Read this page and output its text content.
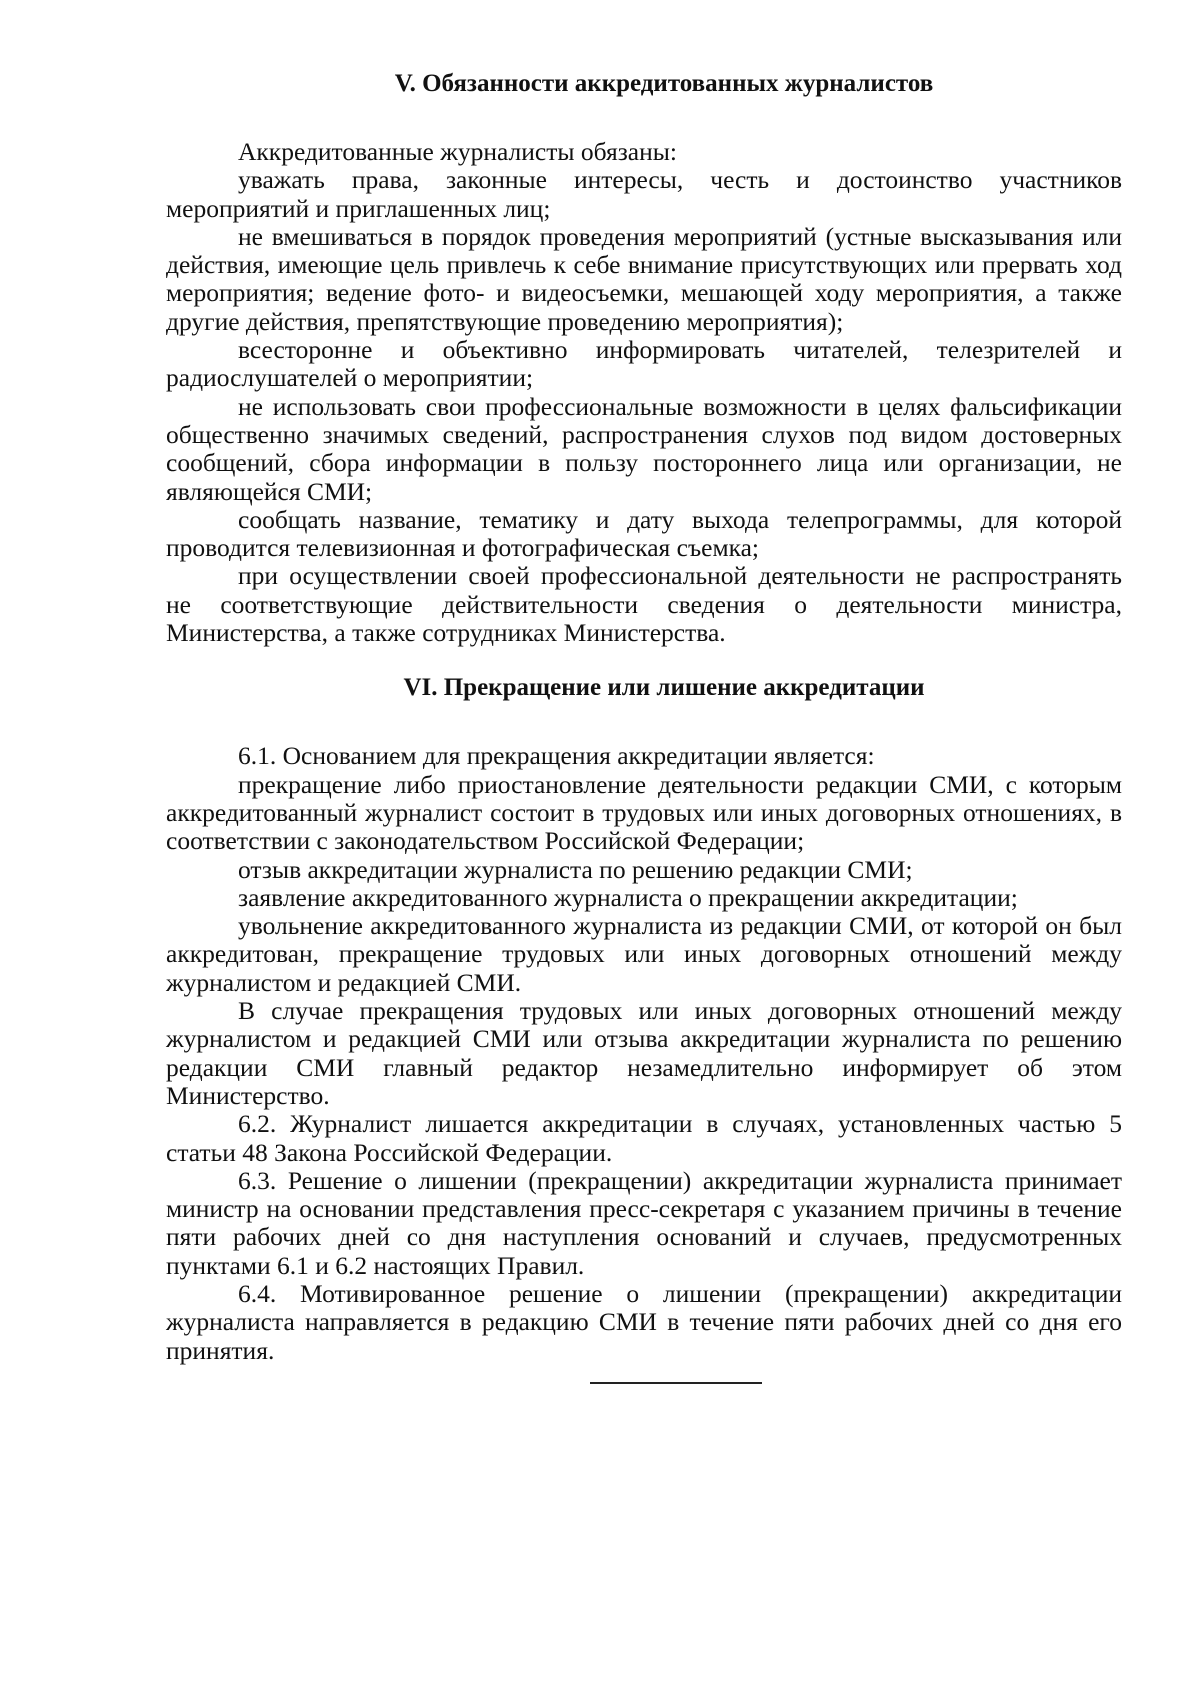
V. Обязанности аккредитованных журналистов

Аккредитованные журналисты обязаны:

уважать права, законные интересы, честь и достоинство участников мероприятий и приглашенных лиц;

не вмешиваться в порядок проведения мероприятий (устные высказывания или действия, имеющие цель привлечь к себе внимание присутствующих или прервать ход мероприятия; ведение фото- и видеосъемки, мешающей ходу мероприятия, а также другие действия, препятствующие проведению мероприятия);

всесторонне и объективно информировать читателей, телезрителей и радиослушателей о мероприятии;

не использовать свои профессиональные возможности в целях фальсификации общественно значимых сведений, распространения слухов под видом достоверных сообщений, сбора информации в пользу постороннего лица или организации, не являющейся СМИ;

сообщать название, тематику и дату выхода телепрограммы, для которой проводится телевизионная и фотографическая съемка;

при осуществлении своей профессиональной деятельности не распространять не соответствующие действительности сведения о деятельности министра, Министерства, а также сотрудниках Министерства.

VI. Прекращение или лишение аккредитации

6.1. Основанием для прекращения аккредитации является:

прекращение либо приостановление деятельности редакции СМИ, с которым аккредитованный журналист состоит в трудовых или иных договорных отношениях, в соответствии с законодательством Российской Федерации;

отзыв аккредитации журналиста по решению редакции СМИ;

заявление аккредитованного журналиста о прекращении аккредитации;

увольнение аккредитованного журналиста из редакции СМИ, от которой он был аккредитован, прекращение трудовых или иных договорных отношений между журналистом и редакцией СМИ.

В случае прекращения трудовых или иных договорных отношений между журналистом и редакцией СМИ или отзыва аккредитации журналиста по решению редакции СМИ главный редактор незамедлительно информирует об этом Министерство.

6.2. Журналист лишается аккредитации в случаях, установленных частью 5 статьи 48 Закона Российской Федерации.

6.3. Решение о лишении (прекращении) аккредитации журналиста принимает министр на основании представления пресс-секретаря с указанием причины в течение пяти рабочих дней со дня наступления оснований и случаев, предусмотренных пунктами 6.1 и 6.2 настоящих Правил.

6.4. Мотивированное решение о лишении (прекращении) аккредитации журналиста направляется в редакцию СМИ в течение пяти рабочих дней со дня его принятия.
